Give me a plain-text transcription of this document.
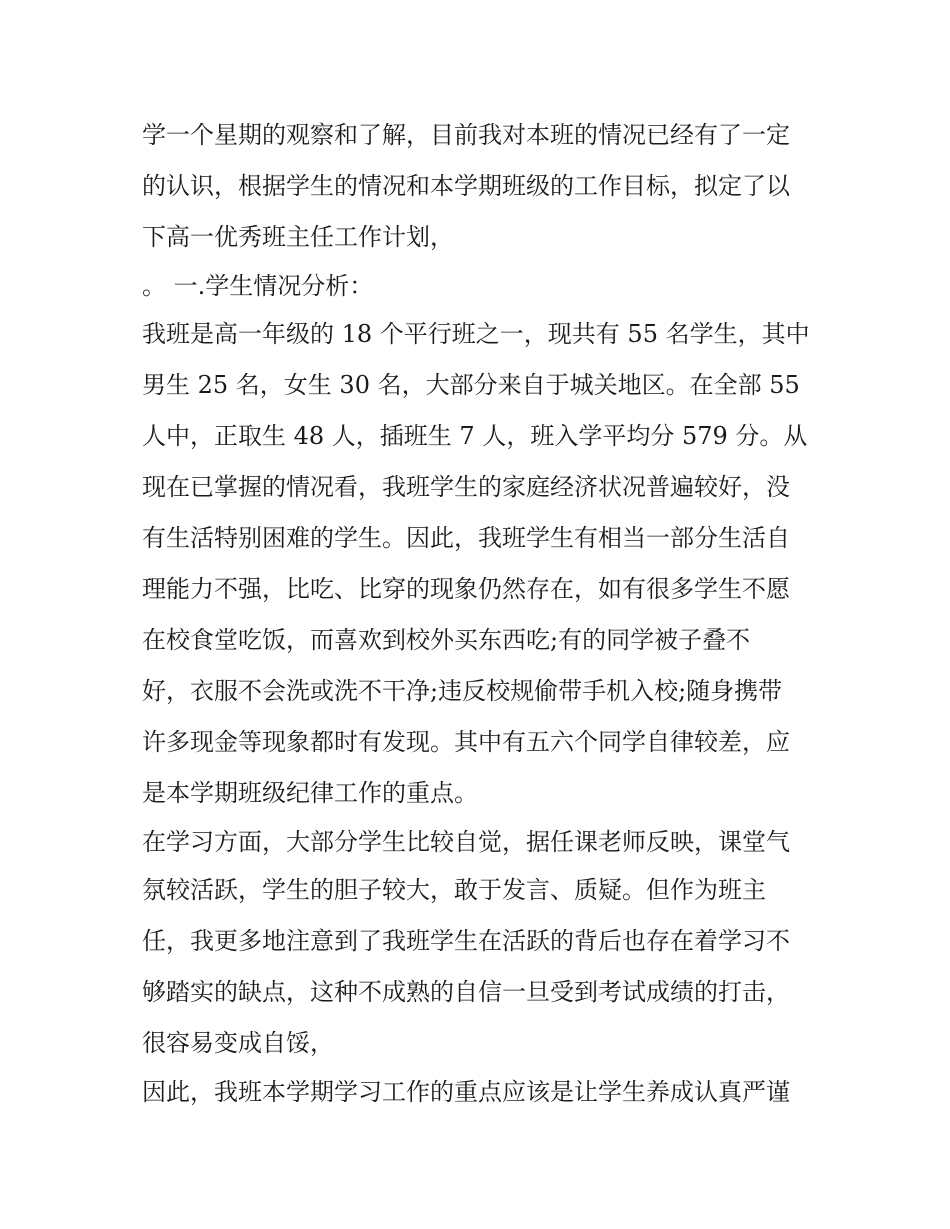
学一个星期的观察和了解，目前我对本班的情况已经有了一定
的认识，根据学生的情况和本学期班级的工作目标，拟定了以
下高一优秀班主任工作计划，
。 一.学生情况分析：
我班是高一年级的 18 个平行班之一，现共有 55 名学生，其中
男生 25 名，女生 30 名，大部分来自于城关地区。在全部 55
人中，正取生 48 人，插班生 7 人，班入学平均分 579 分。从
现在已掌握的情况看，我班学生的家庭经济状况普遍较好，没
有生活特别困难的学生。因此，我班学生有相当一部分生活自
理能力不强，比吃、比穿的现象仍然存在，如有很多学生不愿
在校食堂吃饭，而喜欢到校外买东西吃;有的同学被子叠不
好，衣服不会洗或洗不干净;违反校规偷带手机入校;随身携带
许多现金等现象都时有发现。其中有五六个同学自律较差，应
是本学期班级纪律工作的重点。
在学习方面，大部分学生比较自觉，据任课老师反映，课堂气
氛较活跃，学生的胆子较大，敢于发言、质疑。但作为班主
任，我更多地注意到了我班学生在活跃的背后也存在着学习不
够踏实的缺点，这种不成熟的自信一旦受到考试成绩的打击，
很容易变成自馁，
因此，我班本学期学习工作的重点应该是让学生养成认真严谨
